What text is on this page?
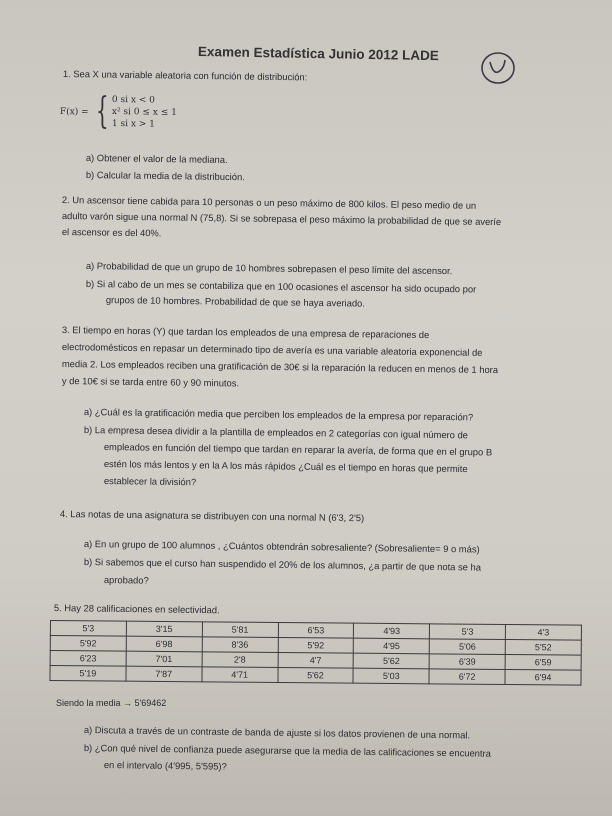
Examen Estadística Junio 2012 LADE
1. Sea X una variable aleatoria con función de distribución:
F(x) = { 0 si x < 0
x² si 0 ≤ x ≤ 1
1 si x > 1
a) Obtener el valor de la mediana.
b) Calcular la media de la distribución.
2. Un ascensor tiene cabida para 10 personas o un peso máximo de 800 kilos. El peso medio de un
adulto varón sigue una normal N (75,8). Si se sobrepasa el peso máximo la probabilidad de que se averíe
el ascensor es del 40%.
a) Probabilidad de que un grupo de 10 hombres sobrepasen el peso límite del ascensor.
b) Si al cabo de un mes se contabiliza que en 100 ocasiones el ascensor ha sido ocupado por
grupos de 10 hombres. Probabilidad de que se haya averiado.
3. El tiempo en horas (Y) que tardan los empleados de una empresa de reparaciones de
electrodomésticos en repasar un determinado tipo de avería es una variable aleatoria exponencial de
media 2. Los empleados reciben una gratificación de 30€ si la reparación la reducen en menos de 1 hora
y de 10€ si se tarda entre 60 y 90 minutos.
a) ¿Cuál es la gratificación media que perciben los empleados de la empresa por reparación?
b) La empresa desea dividir a la plantilla de empleados en 2 categorías con igual número de
empleados en función del tiempo que tardan en reparar la avería, de forma que en el grupo B
estén los más lentos y en la A los más rápidos ¿Cuál es el tiempo en horas que permite
establecer la división?
4. Las notas de una asignatura se distribuyen con una normal N (6'3, 2'5)
a) En un grupo de 100 alumnos , ¿Cuántos obtendrán sobresaliente? (Sobresaliente= 9 o más)
b) Si sabemos que el curso han suspendido el 20% de los alumnos, ¿a partir de que nota se ha
aprobado?
5. Hay 28 calificaciones en selectividad.
5'3	3'15	5'81	6'53	4'93	5'3	4'3
5'92	6'98	8'36	5'92	4'95	5'06	5'52
6'23	7'01	2'8	4'7	5'62	6'39	6'59
5'19	7'87	4'71	5'62	5'03	6'72	6'94
Siendo la media → 5'69462
a) Discuta a través de un contraste de banda de ajuste si los datos provienen de una normal.
b) ¿Con qué nivel de confianza puede asegurarse que la media de las calificaciones se encuentra
en el intervalo (4'995, 5'595)?
